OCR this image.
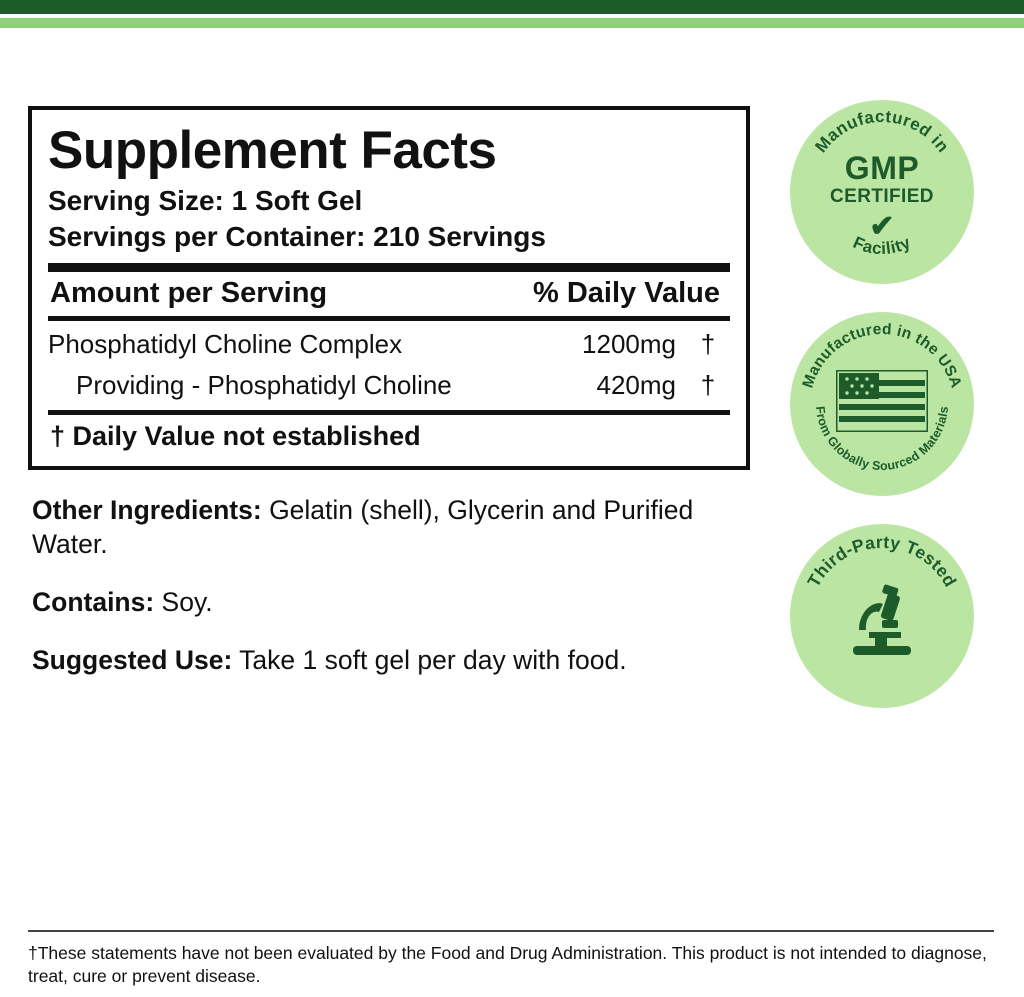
Supplement Facts
Serving Size: 1 Soft Gel
Servings per Container: 210 Servings
Amount per Serving	% Daily Value
Phosphatidyl Choline Complex	1200mg †
Providing - Phosphatidyl Choline	420mg †
† Daily Value not established
Other Ingredients: Gelatin (shell), Glycerin and Purified Water.
Contains: Soy.
Suggested Use: Take 1 soft gel per day with food.
Manufactured in
Facility
GMP
CERTIFIED
✔
Manufactured in the USA
From Globally Sourced Materials
Third-Party Tested
†These statements have not been evaluated by the Food and Drug Administration. This product is not intended to diagnose, treat, cure or prevent disease.
